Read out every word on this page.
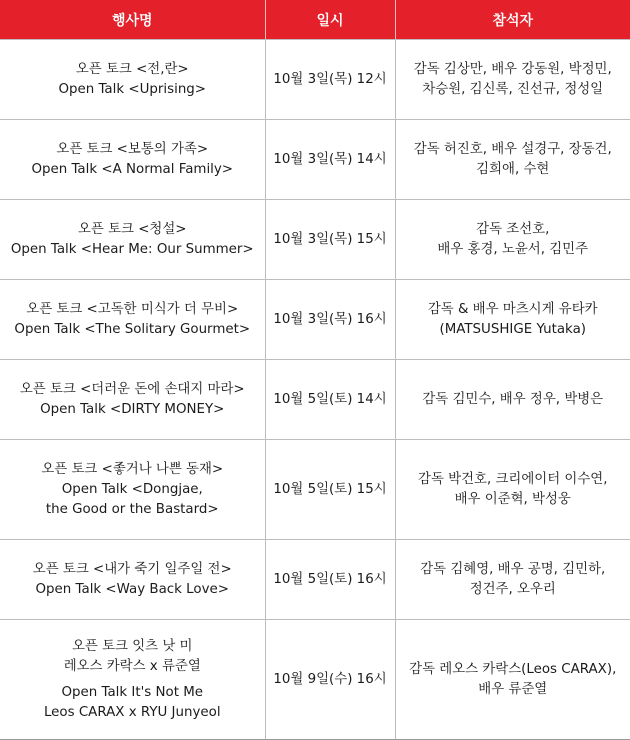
행사명	일시	참석자

오픈 토크 <전,란>
Open Talk <Uprising>	10월 3일(목) 12시	감독 김상만, 배우 강동원, 박정민,
차승원, 김신록, 진선규, 정성일

오픈 토크 <보통의 가족>
Open Talk <A Normal Family>	10월 3일(목) 14시	감독 허진호, 배우 설경구, 장동건,
김희애, 수현

오픈 토크 <청설>
Open Talk <Hear Me: Our Summer>	10월 3일(목) 15시	감독 조선호,
배우 홍경, 노윤서, 김민주

오픈 토크 <고독한 미식가 더 무비>
Open Talk <The Solitary Gourmet>	10월 3일(목) 16시	감독 & 배우 마츠시게 유타카
(MATSUSHIGE Yutaka)

오픈 토크 <더러운 돈에 손대지 마라>
Open Talk <DIRTY MONEY>	10월 5일(토) 14시	감독 김민수, 배우 정우, 박병은

오픈 토크 <좋거나 나쁜 동재>
Open Talk <Dongjae,
the Good or the Bastard>	10월 5일(토) 15시	감독 박건호, 크리에이터 이수연,
배우 이준혁, 박성웅

오픈 토크 <내가 죽기 일주일 전>
Open Talk <Way Back Love>	10월 5일(토) 16시	감독 김혜영, 배우 공명, 김민하,
정건주, 오우리

오픈 토크 잇츠 낫 미
레오스 카락스 x 류준열
Open Talk It's Not Me
Leos CARAX x RYU Junyeol	10월 9일(수) 16시	감독 레오스 카락스(Leos CARAX),
배우 류준열
